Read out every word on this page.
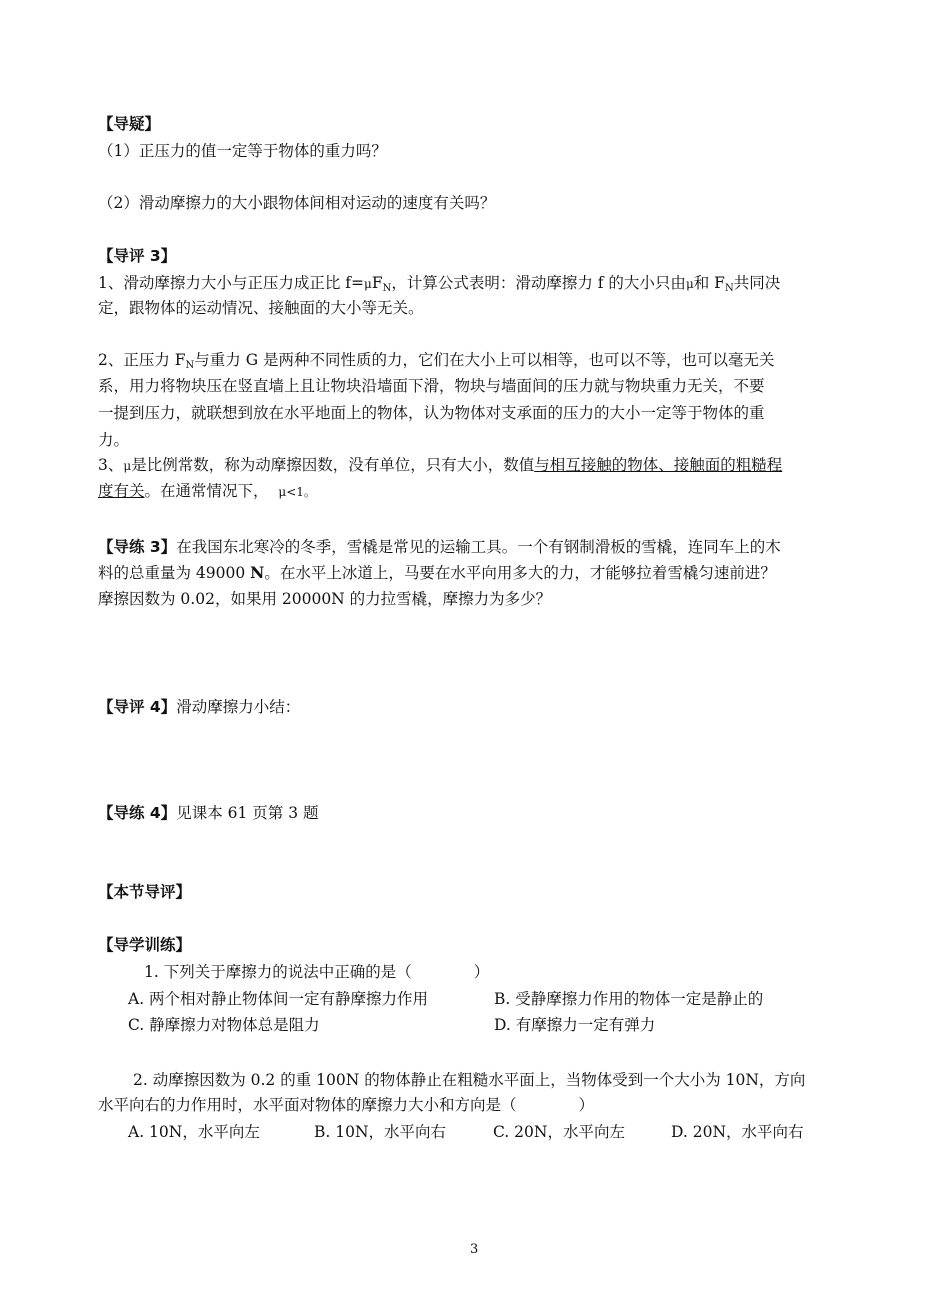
【导疑】
（1）正压力的值一定等于物体的重力吗？
（2）滑动摩擦力的大小跟物体间相对运动的速度有关吗？
【导评 3】
1、滑动摩擦力大小与正压力成正比 $f=\mu F_N$，计算公式表明：滑动摩擦力 f 的大小只由μ和 $F_N$共同决
定，跟物体的运动情况、接触面的大小等无关。
2、正压力 $F_N$与重力 G 是两种不同性质的力，它们在大小上可以相等，也可以不等，也可以毫无关
系，用力将物块压在竖直墙上且让物块沿墙面下滑，物块与墙面间的压力就与物块重力无关，不要
一提到压力，就联想到放在水平地面上的物体，认为物体对支承面的压力的大小一定等于物体的重
力。
3、μ是比例常数，称为动摩擦因数，没有单位，只有大小，数值与相互接触的物体、接触面的粗糙程
度有关。在通常情况下， μ<1。
【导练 3】在我国东北寒冷的冬季，雪橇是常见的运输工具。一个有钢制滑板的雪橇，连同车上的木
料的总重量为 49000 N。在水平上冰道上，马要在水平向用多大的力，才能够拉着雪橇匀速前进？
摩擦因数为 0.02，如果用 20000N 的力拉雪橇，摩擦力为多少？
【导评 4】滑动摩擦力小结：
【导练 4】见课本 61 页第 3 题
【本节导评】
【导学训练】
1. 下列关于摩擦力的说法中正确的是（　　　　）
A. 两个相对静止物体间一定有静摩擦力作用	B. 受静摩擦力作用的物体一定是静止的
C. 静摩擦力对物体总是阻力	D. 有摩擦力一定有弹力
2. 动摩擦因数为 0.2 的重 100N 的物体静止在粗糙水平面上，当物体受到一个大小为 10N，方向
水平向右的力作用时，水平面对物体的摩擦力大小和方向是（　　　　）
A. 10N，水平向左	B. 10N，水平向右	C. 20N，水平向左	D. 20N，水平向右
3
